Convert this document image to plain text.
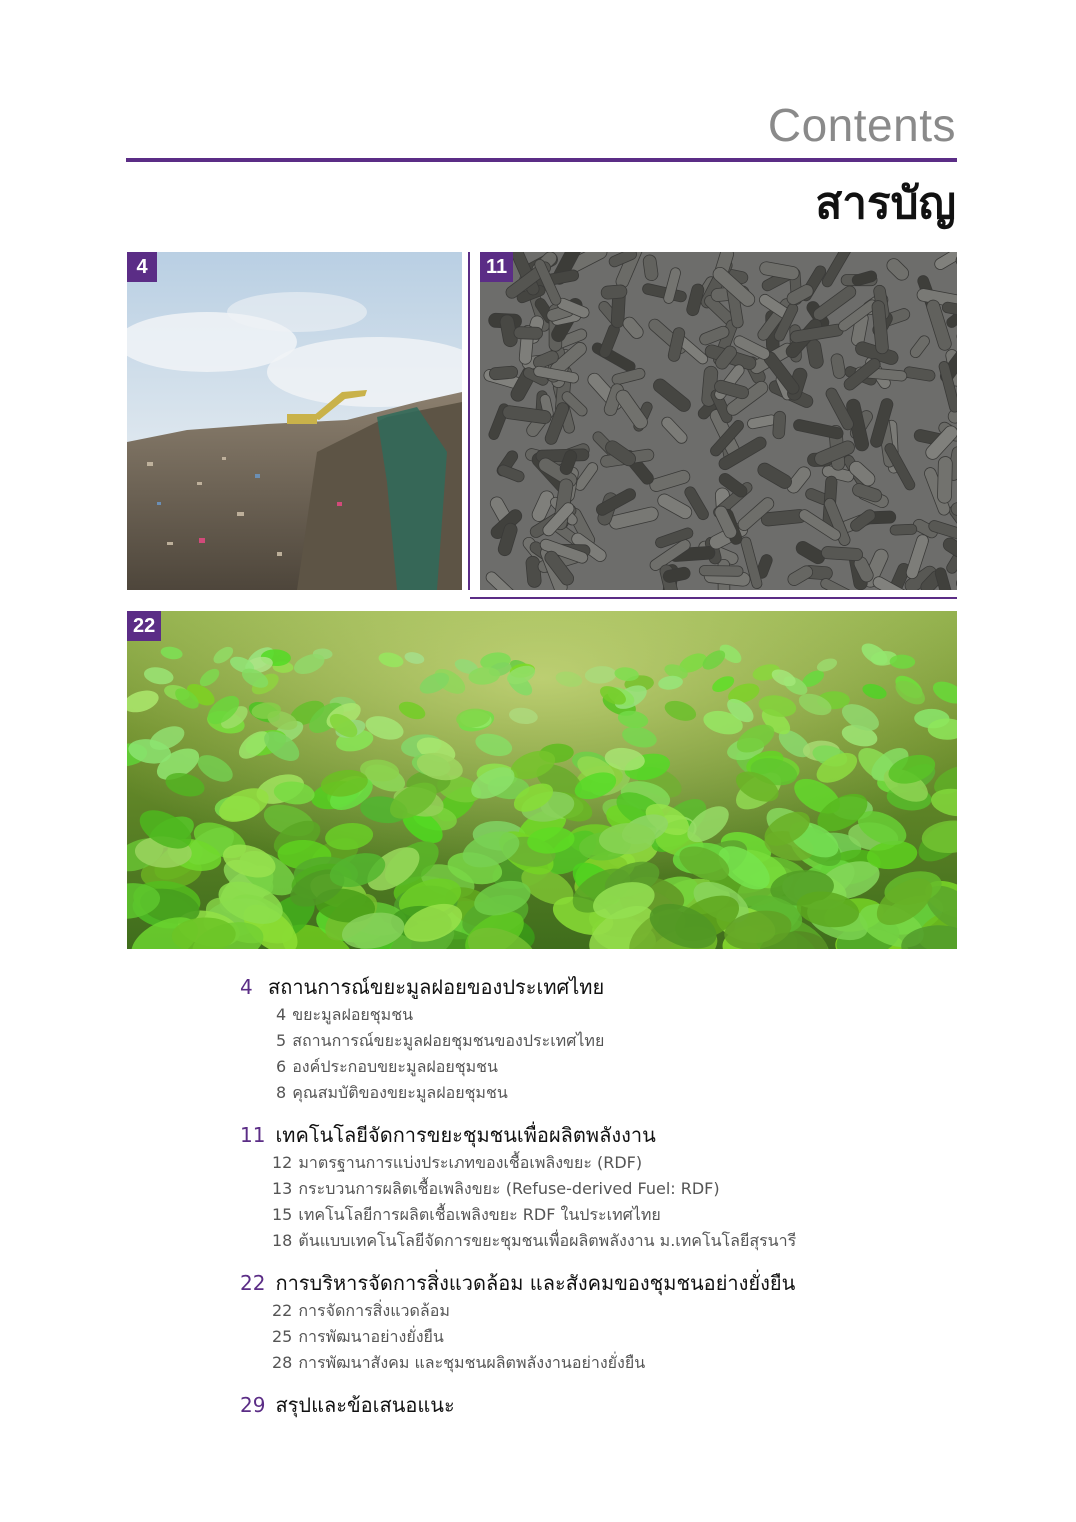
Contents
สารบัญ
4	11
22
4 สถานการณ์ขยะมูลฝอยของประเทศไทย
4 ขยะมูลฝอยชุมชน
5 สถานการณ์ขยะมูลฝอยชุมชนของประเทศไทย
6 องค์ประกอบขยะมูลฝอยชุมชน
8 คุณสมบัติของขยะมูลฝอยชุมชน
11 เทคโนโลยีจัดการขยะชุมชนเพื่อผลิตพลังงาน
12 มาตรฐานการแบ่งประเภทของเชื้อเพลิงขยะ (RDF)
13 กระบวนการผลิตเชื้อเพลิงขยะ (Refuse-derived Fuel: RDF)
15 เทคโนโลยีการผลิตเชื้อเพลิงขยะ RDF ในประเทศไทย
18 ต้นแบบเทคโนโลยีจัดการขยะชุมชนเพื่อผลิตพลังงาน ม.เทคโนโลยีสุรนารี
22 การบริหารจัดการสิ่งแวดล้อม และสังคมของชุมชนอย่างยั่งยืน
22 การจัดการสิ่งแวดล้อม
25 การพัฒนาอย่างยั่งยืน
28 การพัฒนาสังคม และชุมชนผลิตพลังงานอย่างยั่งยืน
29 สรุปและข้อเสนอแนะ
